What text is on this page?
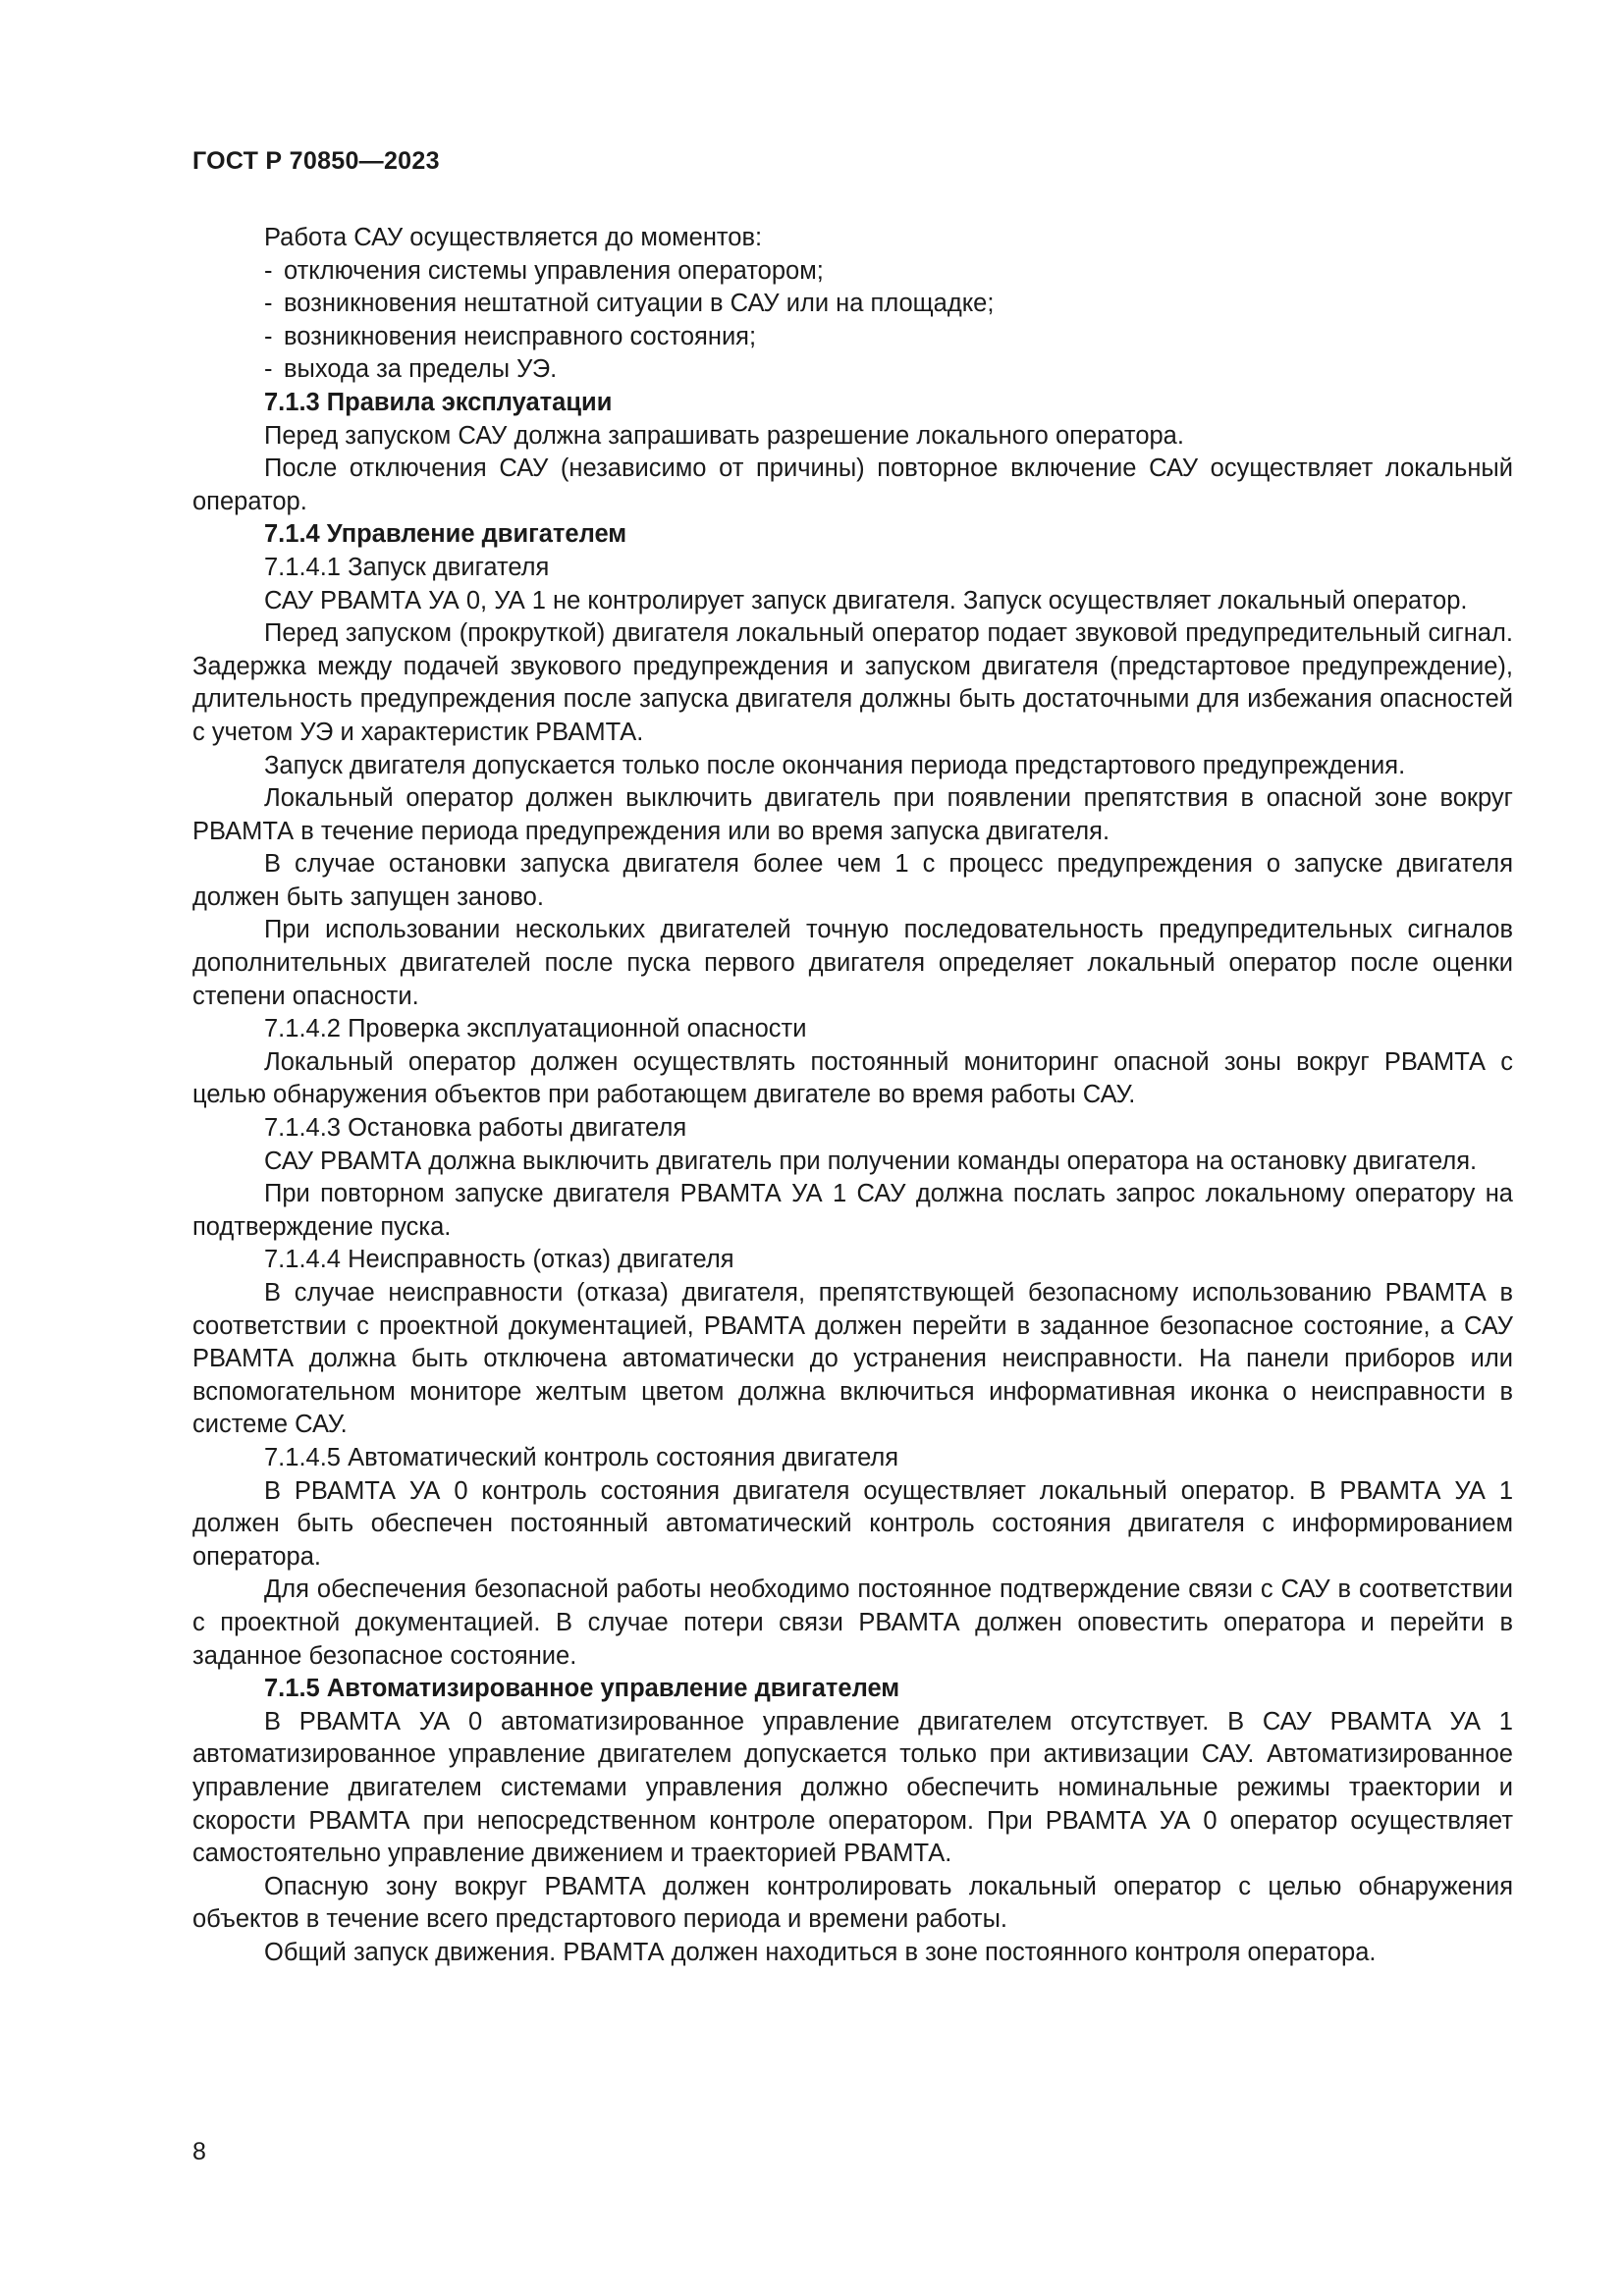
ГОСТ Р 70850—2023

Работа САУ осуществляется до моментов:

- отключения системы управления оператором;
- возникновения нештатной ситуации в САУ или на площадке;
- возникновения неисправного состояния;
- выхода за пределы УЭ.

7.1.3 Правила эксплуатации

Перед запуском САУ должна запрашивать разрешение локального оператора.

После отключения САУ (независимо от причины) повторное включение САУ осуществляет локальный оператор.

7.1.4 Управление двигателем

7.1.4.1 Запуск двигателя

САУ РВАМТА УА 0, УА 1 не контролирует запуск двигателя. Запуск осуществляет локальный оператор.

Перед запуском (прокруткой) двигателя локальный оператор подает звуковой предупредительный сигнал. Задержка между подачей звукового предупреждения и запуском двигателя (предстартовое предупреждение), длительность предупреждения после запуска двигателя должны быть достаточными для избежания опасностей с учетом УЭ и характеристик РВАМТА.

Запуск двигателя допускается только после окончания периода предстартового предупреждения.

Локальный оператор должен выключить двигатель при появлении препятствия в опасной зоне вокруг РВАМТА в течение периода предупреждения или во время запуска двигателя.

В случае остановки запуска двигателя более чем 1 с процесс предупреждения о запуске двигателя должен быть запущен заново.

При использовании нескольких двигателей точную последовательность предупредительных сигналов дополнительных двигателей после пуска первого двигателя определяет локальный оператор после оценки степени опасности.

7.1.4.2 Проверка эксплуатационной опасности

Локальный оператор должен осуществлять постоянный мониторинг опасной зоны вокруг РВАМТА с целью обнаружения объектов при работающем двигателе во время работы САУ.

7.1.4.3 Остановка работы двигателя

САУ РВАМТА должна выключить двигатель при получении команды оператора на остановку двигателя.

При повторном запуске двигателя РВАМТА УА 1 САУ должна послать запрос локальному оператору на подтверждение пуска.

7.1.4.4 Неисправность (отказ) двигателя

В случае неисправности (отказа) двигателя, препятствующей безопасному использованию РВАМТА в соответствии с проектной документацией, РВАМТА должен перейти в заданное безопасное состояние, а САУ РВАМТА должна быть отключена автоматически до устранения неисправности. На панели приборов или вспомогательном мониторе желтым цветом должна включиться информативная иконка о неисправности в системе САУ.

7.1.4.5 Автоматический контроль состояния двигателя

В РВАМТА УА 0 контроль состояния двигателя осуществляет локальный оператор. В РВАМТА УА 1 должен быть обеспечен постоянный автоматический контроль состояния двигателя с информированием оператора.

Для обеспечения безопасной работы необходимо постоянное подтверждение связи с САУ в соответствии с проектной документацией. В случае потери связи РВАМТА должен оповестить оператора и перейти в заданное безопасное состояние.

7.1.5 Автоматизированное управление двигателем

В РВАМТА УА 0 автоматизированное управление двигателем отсутствует. В САУ РВАМТА УА 1 автоматизированное управление двигателем допускается только при активизации САУ. Автоматизированное управление двигателем системами управления должно обеспечить номинальные режимы траектории и скорости РВАМТА при непосредственном контроле оператором. При РВАМТА УА 0 оператор осуществляет самостоятельно управление движением и траекторией РВАМТА.

Опасную зону вокруг РВАМТА должен контролировать локальный оператор с целью обнаружения объектов в течение всего предстартового периода и времени работы.

Общий запуск движения. РВАМТА должен находиться в зоне постоянного контроля оператора.

8
